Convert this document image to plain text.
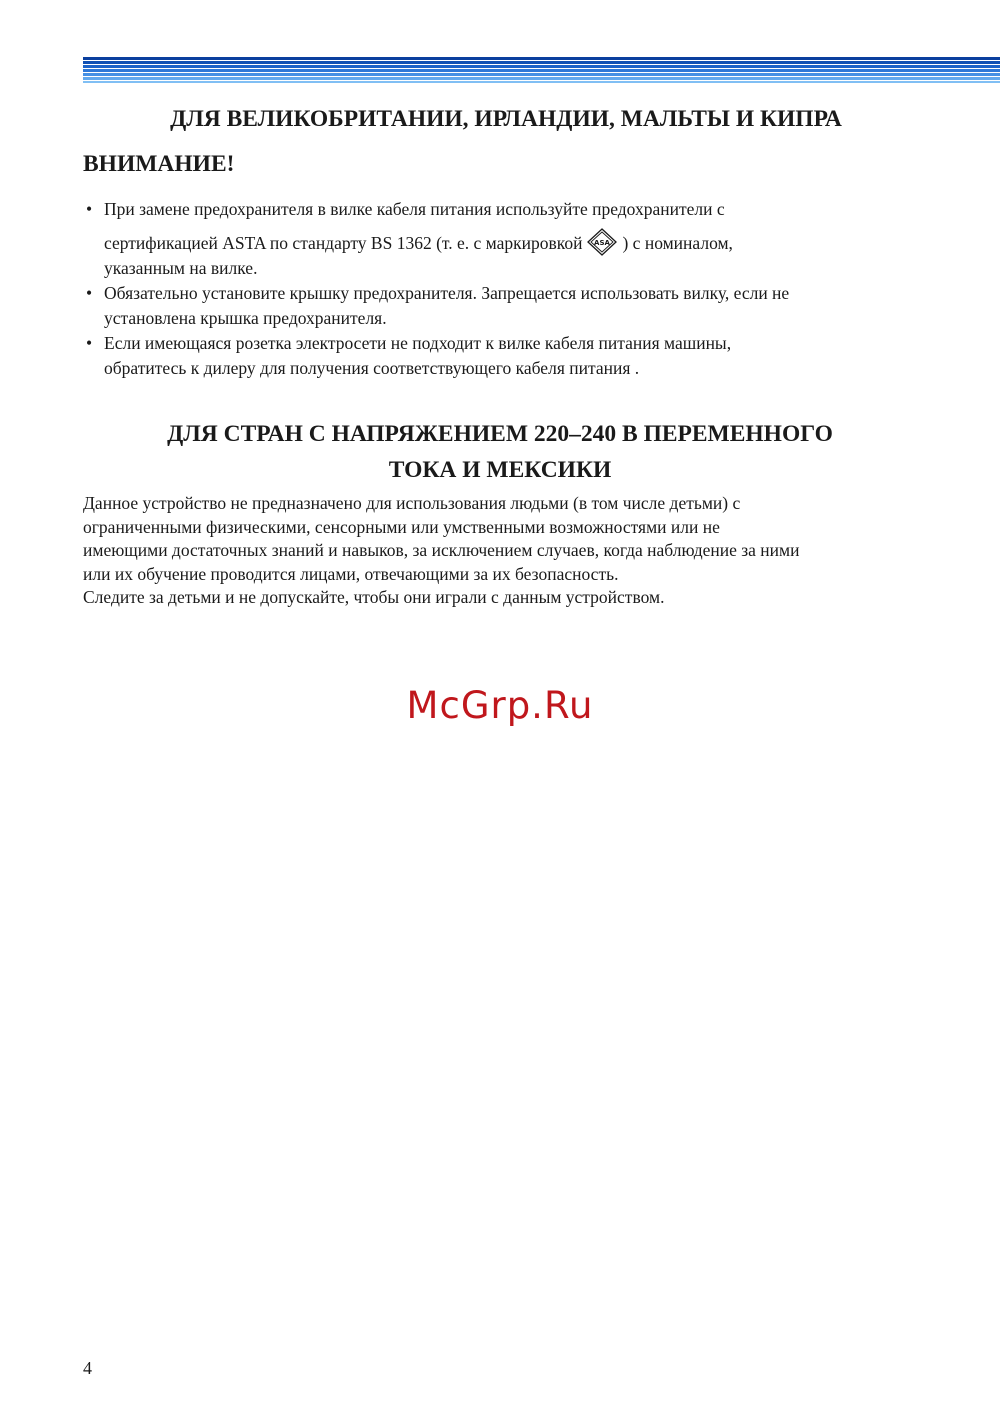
ДЛЯ ВЕЛИКОБРИТАНИИ, ИРЛАНДИИ, МАЛЬТЫ И КИПРА
ВНИМАНИЕ!
• При замене предохранителя в вилке кабеля питания используйте предохранители с
сертификацией ASTA по стандарту BS 1362 (т. е. с маркировкой ASA ) с номиналом,
указанным на вилке.
• Обязательно установите крышку предохранителя. Запрещается использовать вилку, если не
установлена крышка предохранителя.
• Если имеющаяся розетка электросети не подходит к вилке кабеля питания машины,
обратитесь к дилеру для получения соответствующего кабеля питания .
ДЛЯ СТРАН С НАПРЯЖЕНИЕМ 220–240 В ПЕРЕМЕННОГО
ТОКА И МЕКСИКИ

Данное устройство не предназначено для использования людьми (в том числе детьми) с
ограниченными физическими, сенсорными или умственными возможностями или не
имеющими достаточных знаний и навыков, за исключением случаев, когда наблюдение за ними
или их обучение проводится лицами, отвечающими за их безопасность.
Следите за детьми и не допускайте, чтобы они играли с данным устройством.

McGrp.Ru
4
